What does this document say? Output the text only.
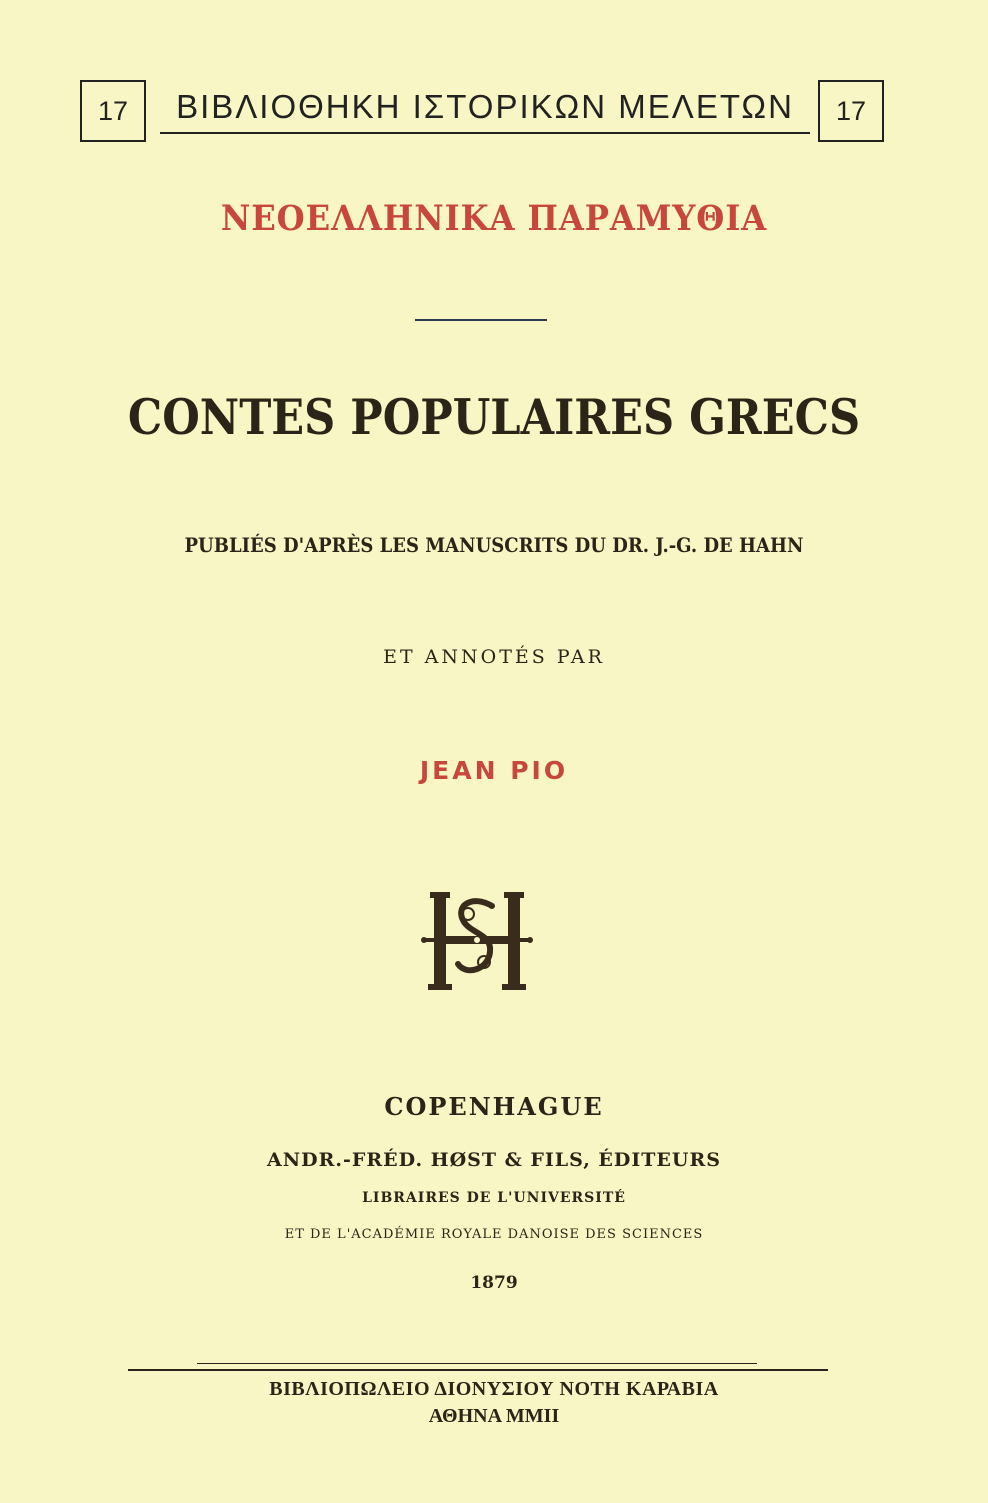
17	ΒΙΒΛΙΟΘΗΚΗ ΙΣΤΟΡΙΚΩΝ ΜΕΛΕΤΩΝ	17
ΝΕΟΕΛΛΗΝΙΚΑ ΠΑΡΑΜΥΘΙΑ
CONTES POPULAIRES GRECS
PUBLIÉS D'APRÈS LES MANUSCRITS DU DR. J.-G. DE HAHN
ET ANNOTÉS PAR
JEAN PIO
COPENHAGUE
ANDR.-FRÉD. HØST & FILS, ÉDITEURS
LIBRAIRES DE L'UNIVERSITÉ
ET DE L'ACADÉMIE ROYALE DANOISE DES SCIENCES
1879
ΒΙΒΛΙΟΠΩΛΕΙΟ ΔΙΟΝΥΣΙΟΥ ΝΟΤΗ ΚΑΡΑΒΙΑ
ΑΘΗΝΑ MMII
